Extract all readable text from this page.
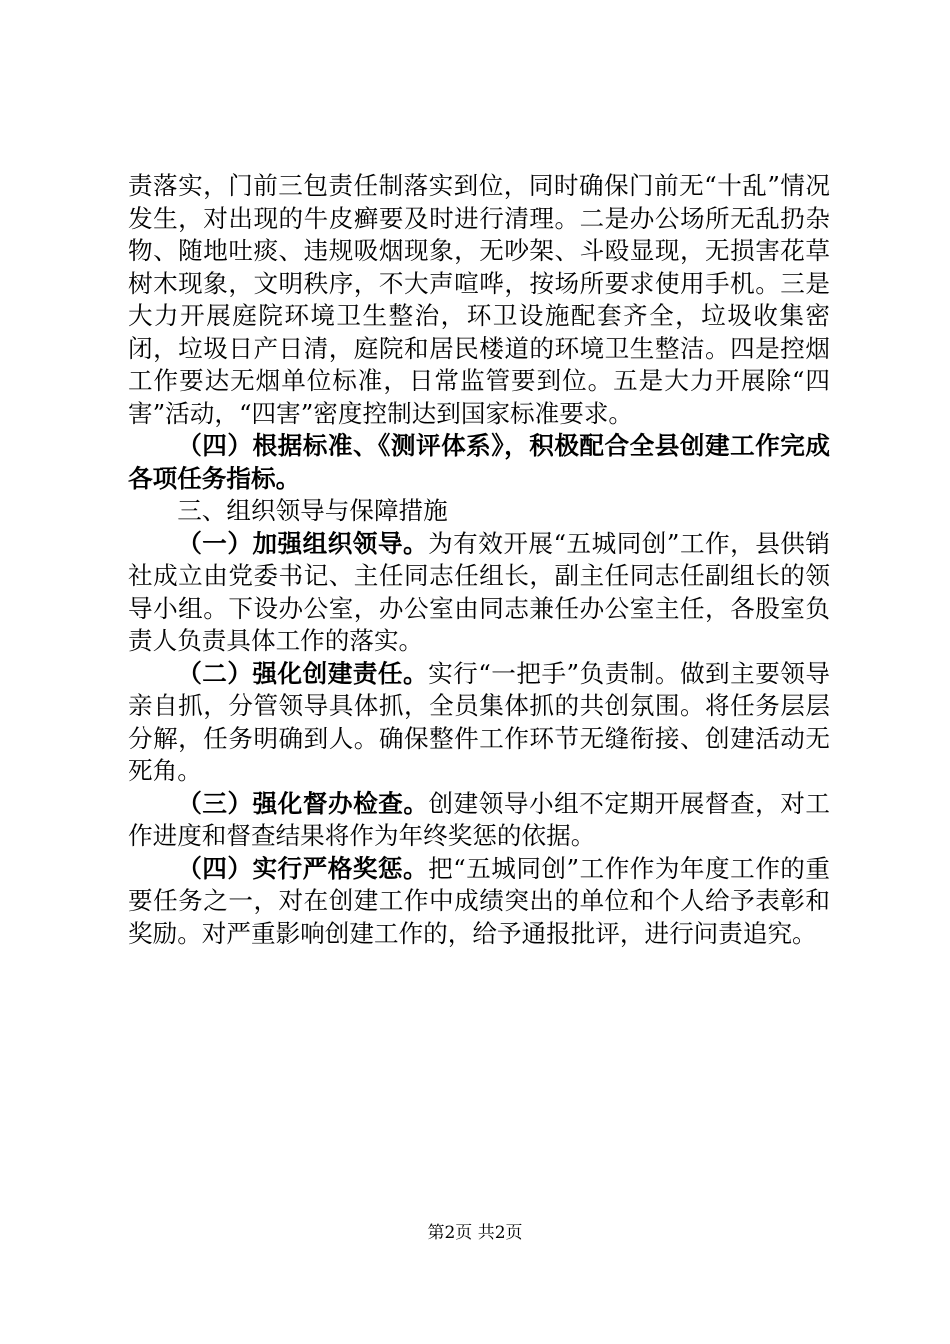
责落实，门前三包责任制落实到位，同时确保门前无“十乱”情况发生，对出现的牛皮癣要及时进行清理。二是办公场所无乱扔杂物、随地吐痰、违规吸烟现象，无吵架、斗殴显现，无损害花草树木现象，文明秩序，不大声喧哗，按场所要求使用手机。三是大力开展庭院环境卫生整治，环卫设施配套齐全，垃圾收集密闭，垃圾日产日清，庭院和居民楼道的环境卫生整洁。四是控烟工作要达无烟单位标准，日常监管要到位。五是大力开展除“四害”活动，“四害”密度控制达到国家标准要求。

（四）根据标准、《测评体系》，积极配合全县创建工作完成各项任务指标。

三、组织领导与保障措施

（一）加强组织领导。为有效开展“五城同创”工作，县供销社成立由党委书记、主任同志任组长，副主任同志任副组长的领导小组。下设办公室，办公室由同志兼任办公室主任，各股室负责人负责具体工作的落实。

（二）强化创建责任。实行“一把手”负责制。做到主要领导亲自抓，分管领导具体抓，全员集体抓的共创氛围。将任务层层分解，任务明确到人。确保整件工作环节无缝衔接、创建活动无死角。

（三）强化督办检查。创建领导小组不定期开展督查，对工作进度和督查结果将作为年终奖惩的依据。

（四）实行严格奖惩。把“五城同创”工作作为年度工作的重要任务之一，对在创建工作中成绩突出的单位和个人给予表彰和奖励。对严重影响创建工作的，给予通报批评，进行问责追究。

第2页 共2页
